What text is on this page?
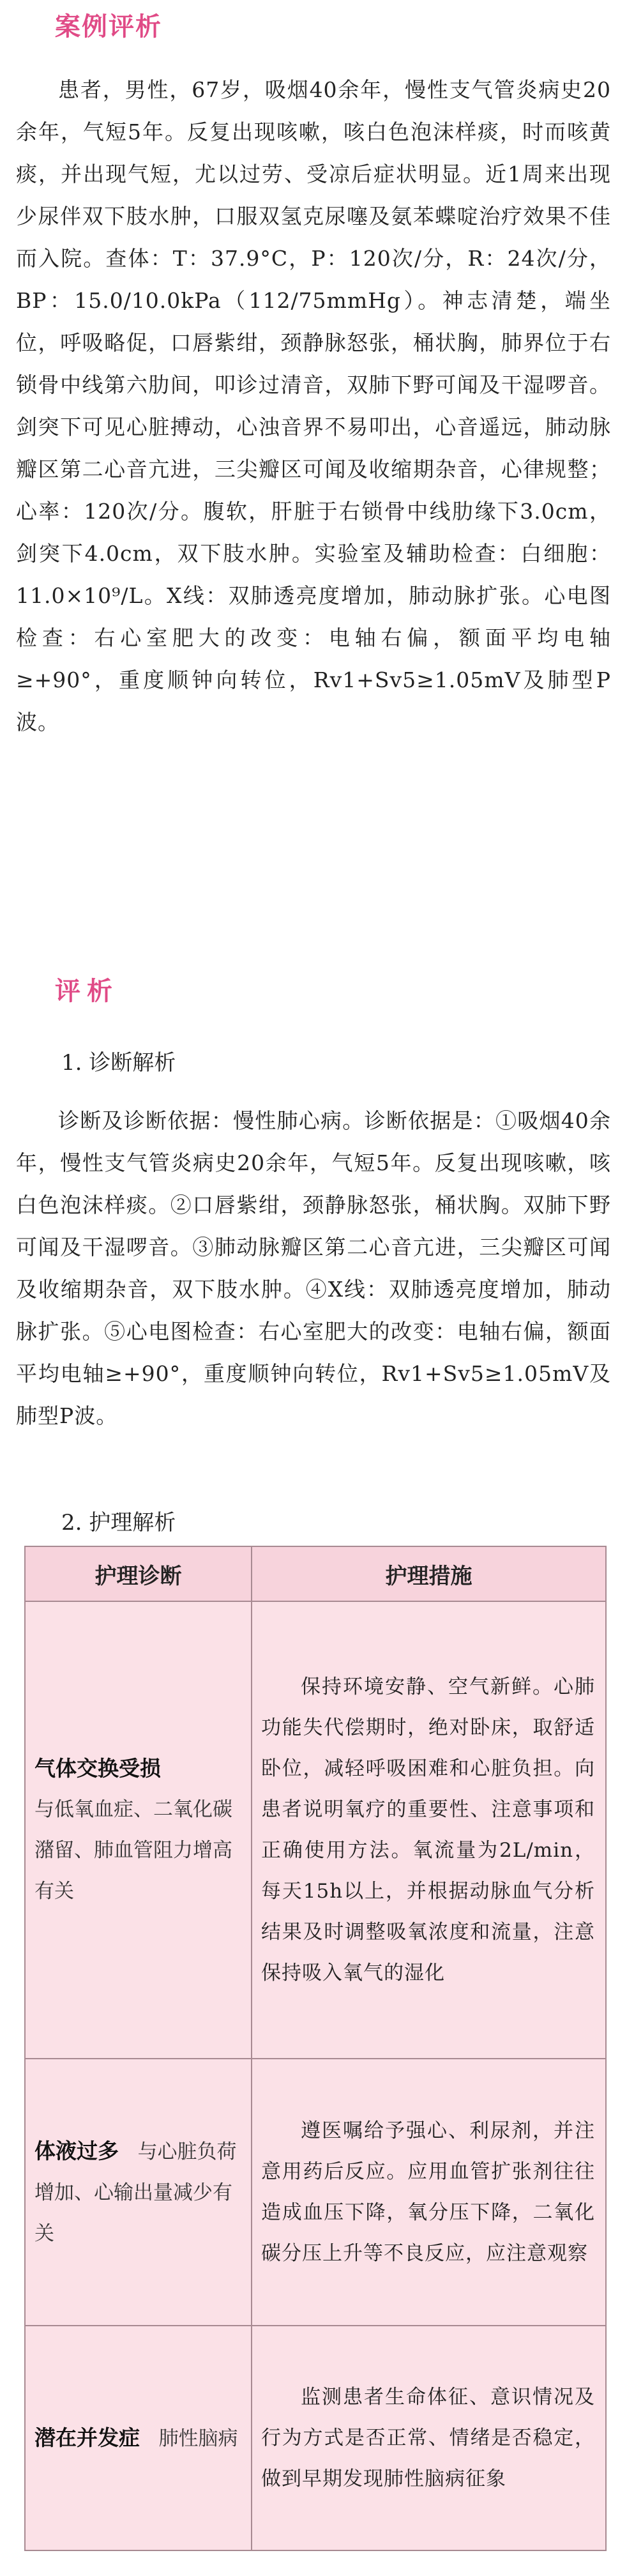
案例评析
患者，男性，67岁，吸烟40余年，慢性支气管炎病史20余年，气短5年。反复出现咳嗽，咳白色泡沫样痰，时而咳黄痰，并出现气短，尤以过劳、受凉后症状明显。近1周来出现少尿伴双下肢水肿，口服双氢克尿噻及氨苯蝶啶治疗效果不佳而入院。查体：T：37.9°C，P：120次/分，R：24次/分，BP：15.0/10.0kPa（112/75mmHg）。神志清楚，端坐位，呼吸略促，口唇紫绀，颈静脉怒张，桶状胸，肺界位于右锁骨中线第六肋间，叩诊过清音，双肺下野可闻及干湿啰音。剑突下可见心脏搏动，心浊音界不易叩出，心音遥远，肺动脉瓣区第二心音亢进，三尖瓣区可闻及收缩期杂音，心律规整；心率：120次/分。腹软，肝脏于右锁骨中线肋缘下3.0cm，剑突下4.0cm，双下肢水肿。实验室及辅助检查：白细胞：11.0×10⁹/L。X线：双肺透亮度增加，肺动脉扩张。心电图检查：右心室肥大的改变：电轴右偏，额面平均电轴≥+90°，重度顺钟向转位，Rv1+Sv5≥1.05mV及肺型P波。
评析
1. 诊断解析
诊断及诊断依据：慢性肺心病。诊断依据是：①吸烟40余年，慢性支气管炎病史20余年，气短5年。反复出现咳嗽，咳白色泡沫样痰。②口唇紫绀，颈静脉怒张，桶状胸。双肺下野可闻及干湿啰音。③肺动脉瓣区第二心音亢进，三尖瓣区可闻及收缩期杂音，双下肢水肿。④X线：双肺透亮度增加，肺动脉扩张。⑤心电图检查：右心室肥大的改变：电轴右偏，额面平均电轴≥+90°，重度顺钟向转位，Rv1+Sv5≥1.05mV及肺型P波。
2. 护理解析
护理诊断	护理措施

气体交换受损
与低氧血症、二氧化碳潴留、肺血管阻力增高有关	保持环境安静、空气新鲜。心肺功能失代偿期时，绝对卧床，取舒适卧位，减轻呼吸困难和心脏负担。向患者说明氧疗的重要性、注意事项和正确使用方法。氧流量为2L/min，每天15h以上，并根据动脉血气分析结果及时调整吸氧浓度和流量，注意保持吸入氧气的湿化
体液过多 与心脏负荷增加、心输出量减少有关	遵医嘱给予强心、利尿剂，并注意用药后反应。应用血管扩张剂往往造成血压下降，氧分压下降，二氧化碳分压上升等不良反应，应注意观察
潜在并发症 肺性脑病	监测患者生命体征、意识情况及行为方式是否正常、情绪是否稳定，做到早期发现肺性脑病征象
